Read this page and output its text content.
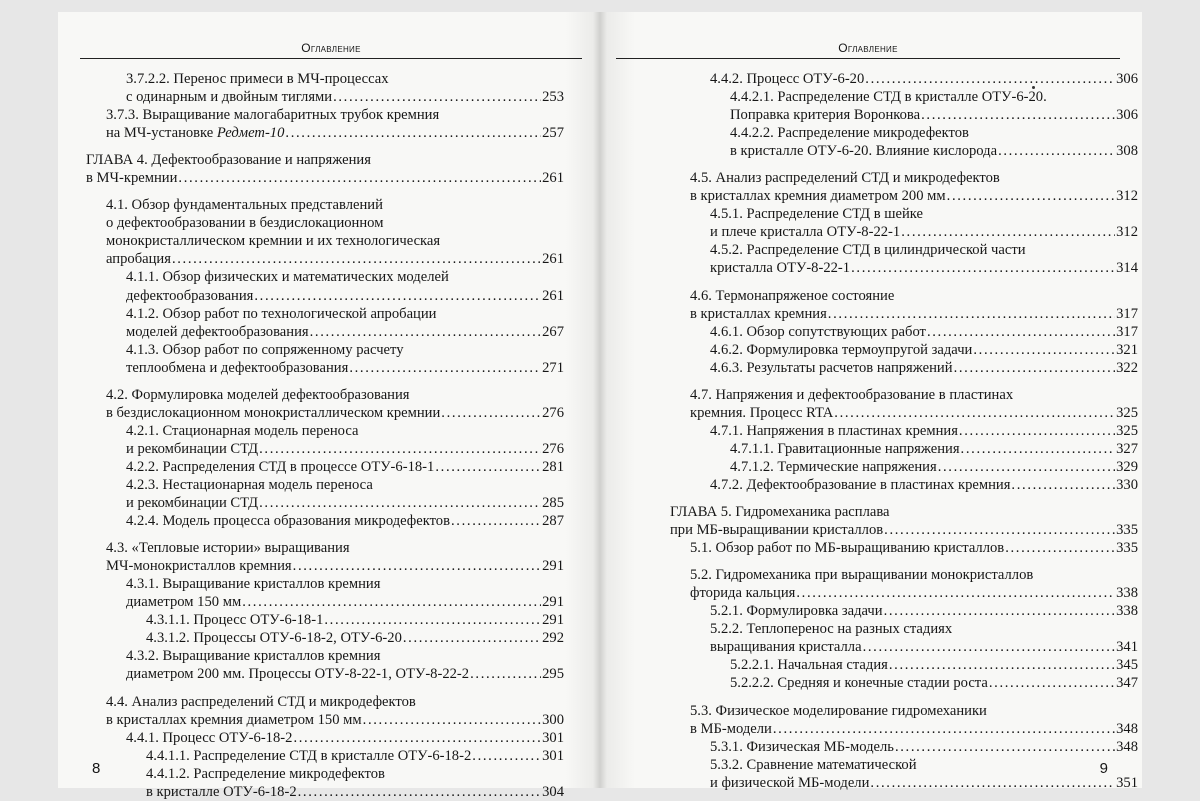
Оглавление
3.7.2.2. Перенос примеси в МЧ-процессах
с одинарным и двойным тиглями . . .	253
3.7.3. Выращивание малогабаритных трубок кремния
на МЧ-установке Редмет-10 . . .	257
ГЛАВА 4. Дефектообразование и напряжения
в МЧ-кремнии . . .	261
4.1. Обзор фундаментальных представлений
о дефектообразовании в бездислокационном
монокристаллическом кремнии и их технологическая
апробация . . .	261
4.1.1. Обзор физических и математических моделей
дефектообразования . . .	261
4.1.2. Обзор работ по технологической апробации
моделей дефектообразования . . .	267
4.1.3. Обзор работ по сопряженному расчету
теплообмена и дефектообразования . . .	271
4.2. Формулировка моделей дефектообразования
в бездислокационном монокристаллическом кремнии . . .	276
4.2.1. Стационарная модель переноса
и рекомбинации СТД . . .	276
4.2.2. Распределения СТД в процессе ОТУ-6-18-1 . . .	281
4.2.3. Нестационарная модель переноса
и рекомбинации СТД . . .	285
4.2.4. Модель процесса образования микродефектов . . .	287
4.3. «Тепловые истории» выращивания
МЧ-монокристаллов кремния . . .	291
4.3.1. Выращивание кристаллов кремния
диаметром 150 мм . . .	291
4.3.1.1. Процесс ОТУ-6-18-1 . . .	291
4.3.1.2. Процессы ОТУ-6-18-2, ОТУ-6-20 . . .	292
4.3.2. Выращивание кристаллов кремния
диаметром 200 мм. Процессы ОТУ-8-22-1, ОТУ-8-22-2 . . .	295
4.4. Анализ распределений СТД и микродефектов
в кристаллах кремния диаметром 150 мм . . .	300
4.4.1. Процесс ОТУ-6-18-2 . . .	301
4.4.1.1. Распределение СТД в кристалле ОТУ-6-18-2 . . .	301
4.4.1.2. Распределение микродефектов
в кристалле ОТУ-6-18-2 . . .	304
8
Оглавление
4.4.2. Процесс ОТУ-6-20 . . .	306
4.4.2.1. Распределение СТД в кристалле ОТУ-6-20.
Поправка критерия Воронкова . . .	306
4.4.2.2. Распределение микродефектов
в кристалле ОТУ-6-20. Влияние кислорода . . .	308
4.5. Анализ распределений СТД и микродефектов
в кристаллах кремния диаметром 200 мм . . .	312
4.5.1. Распределение СТД в шейке
и плече кристалла ОТУ-8-22-1 . . .	312
4.5.2. Распределение СТД в цилиндрической части
кристалла ОТУ-8-22-1 . . .	314
4.6. Термонапряженое состояние
в кристаллах кремния . . .	317
4.6.1. Обзор сопутствующих работ . . .	317
4.6.2. Формулировка термоупругой задачи . . .	321
4.6.3. Результаты расчетов напряжений . . .	322
4.7. Напряжения и дефектообразование в пластинах
кремния. Процесс RTA . . .	325
4.7.1. Напряжения в пластинах кремния . . .	325
4.7.1.1. Гравитационные напряжения . . .	327
4.7.1.2. Термические напряжения . . .	329
4.7.2. Дефектообразование в пластинах кремния . . .	330
ГЛАВА 5. Гидромеханика расплава
при МБ-выращивании кристаллов . . .	335
5.1. Обзор работ по МБ-выращиванию кристаллов . . .	335
5.2. Гидромеханика при выращивании монокристаллов
фторида кальция . . .	338
5.2.1. Формулировка задачи . . .	338
5.2.2. Теплоперенос на разных стадиях
выращивания кристалла . . .	341
5.2.2.1. Начальная стадия . . .	345
5.2.2.2. Средняя и конечные стадии роста . . .	347
5.3. Физическое моделирование гидромеханики
в МБ-модели . . .	348
5.3.1. Физическая МБ-модель . . .	348
5.3.2. Сравнение математической
и физической МБ-модели . . .	351
9
